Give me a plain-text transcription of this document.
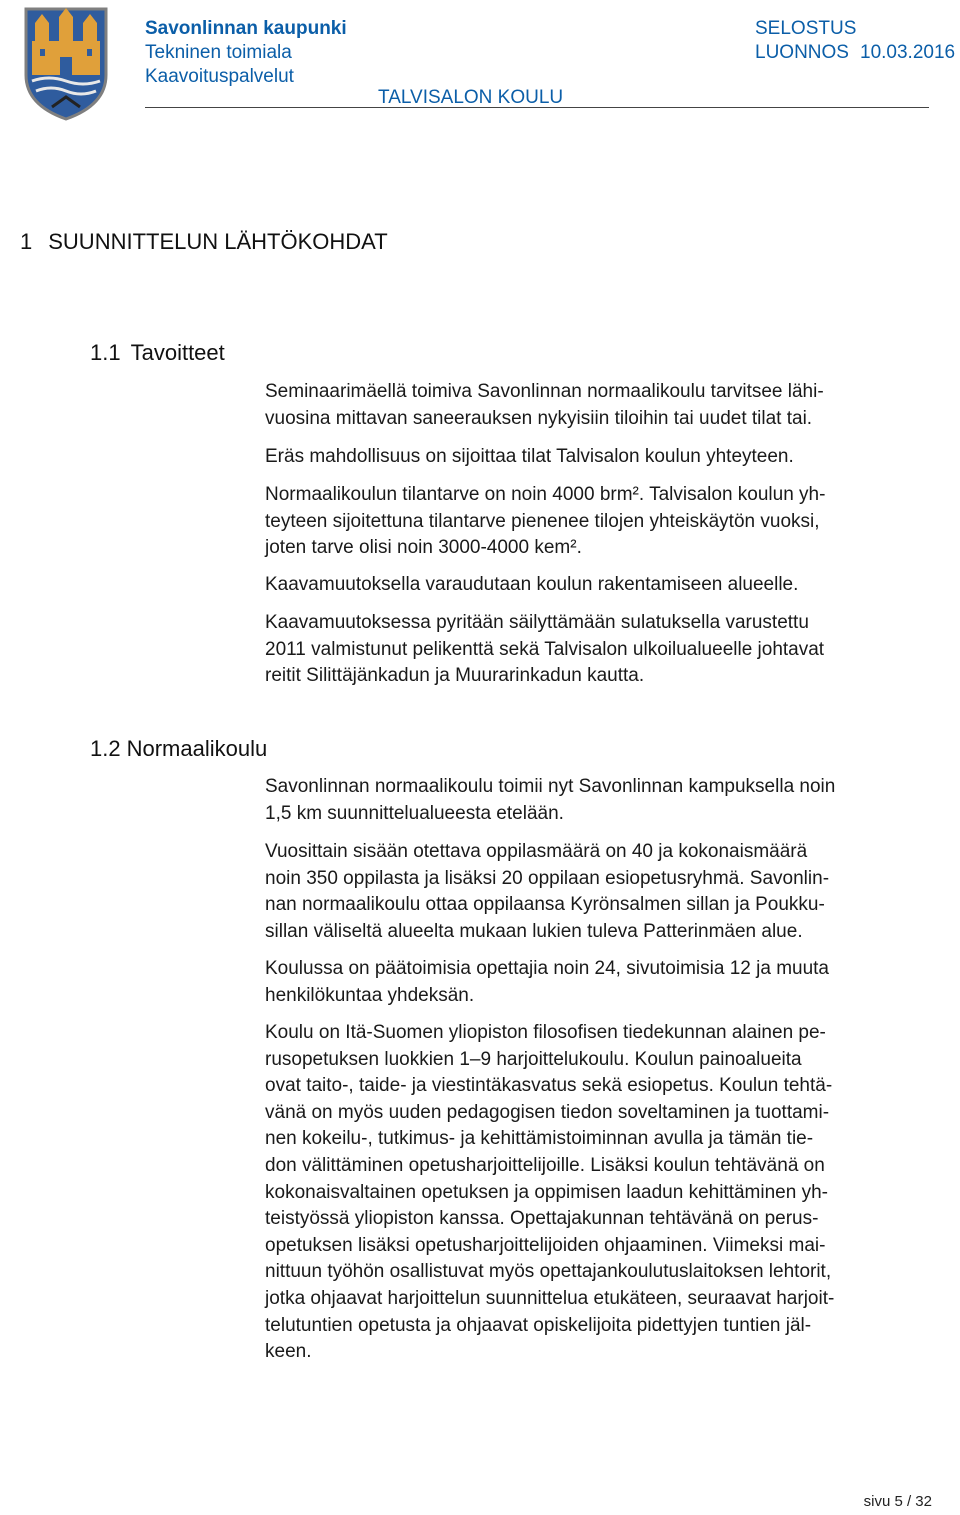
Savonlinnan kaupunki
Tekninen toimiala
Kaavoituspalvelut
SELOSTUS
LUONNOS 10.03.2016
TALVISALON KOULU
1 SUUNNITTELUN LÄHTÖKOHDAT
1.1 Tavoitteet
Seminaarimäellä toimiva Savonlinnan normaalikoulu tarvitsee lähi-
vuosina mittavan saneerauksen nykyisiin tiloihin tai uudet tilat tai.
Eräs mahdollisuus on sijoittaa tilat Talvisalon koulun yhteyteen.
Normaalikoulun tilantarve on noin 4000 brm². Talvisalon koulun yh-
teyteen sijoitettuna tilantarve pienenee tilojen yhteiskäytön vuoksi,
joten tarve olisi noin 3000-4000 kem².
Kaavamuutoksella varaudutaan koulun rakentamiseen alueelle.
Kaavamuutoksessa pyritään säilyttämään sulatuksella varustettu
2011 valmistunut pelikenttä sekä Talvisalon ulkoilualueelle johtavat
reitit Silittäjänkadun ja Muurarinkadun kautta.
1.2 Normaalikoulu
Savonlinnan normaalikoulu toimii nyt Savonlinnan kampuksella noin
1,5 km suunnittelualueesta etelään.
Vuosittain sisään otettava oppilasmäärä on 40 ja kokonaismäärä
noin 350 oppilasta ja lisäksi 20 oppilaan esiopetusryhmä. Savonlin-
nan normaalikoulu ottaa oppilaansa Kyrönsalmen sillan ja Poukku-
sillan väliseltä alueelta mukaan lukien tuleva Patterinmäen alue.
Koulussa on päätoimisia opettajia noin 24, sivutoimisia 12 ja muuta
henkilökuntaa yhdeksän.
Koulu on Itä-Suomen yliopiston filosofisen tiedekunnan alainen pe-
rusopetuksen luokkien 1–9 harjoittelukoulu. Koulun painoalueita
ovat taito-, taide- ja viestintäkasvatus sekä esiopetus. Koulun tehtä-
vänä on myös uuden pedagogisen tiedon soveltaminen ja tuottami-
nen kokeilu-, tutkimus- ja kehittämistoiminnan avulla ja tämän tie-
don välittäminen opetusharjoittelijoille. Lisäksi koulun tehtävänä on
kokonaisvaltainen opetuksen ja oppimisen laadun kehittäminen yh-
teistyössä yliopiston kanssa. Opettajakunnan tehtävänä on perus-
opetuksen lisäksi opetusharjoittelijoiden ohjaaminen. Viimeksi mai-
nittuun työhön osallistuvat myös opettajankoulutuslaitoksen lehtorit,
jotka ohjaavat harjoittelun suunnittelua etukäteen, seuraavat harjoit-
telutuntien opetusta ja ohjaavat opiskelijoita pidettyjen tuntien jäl-
keen.
sivu 5 / 32
